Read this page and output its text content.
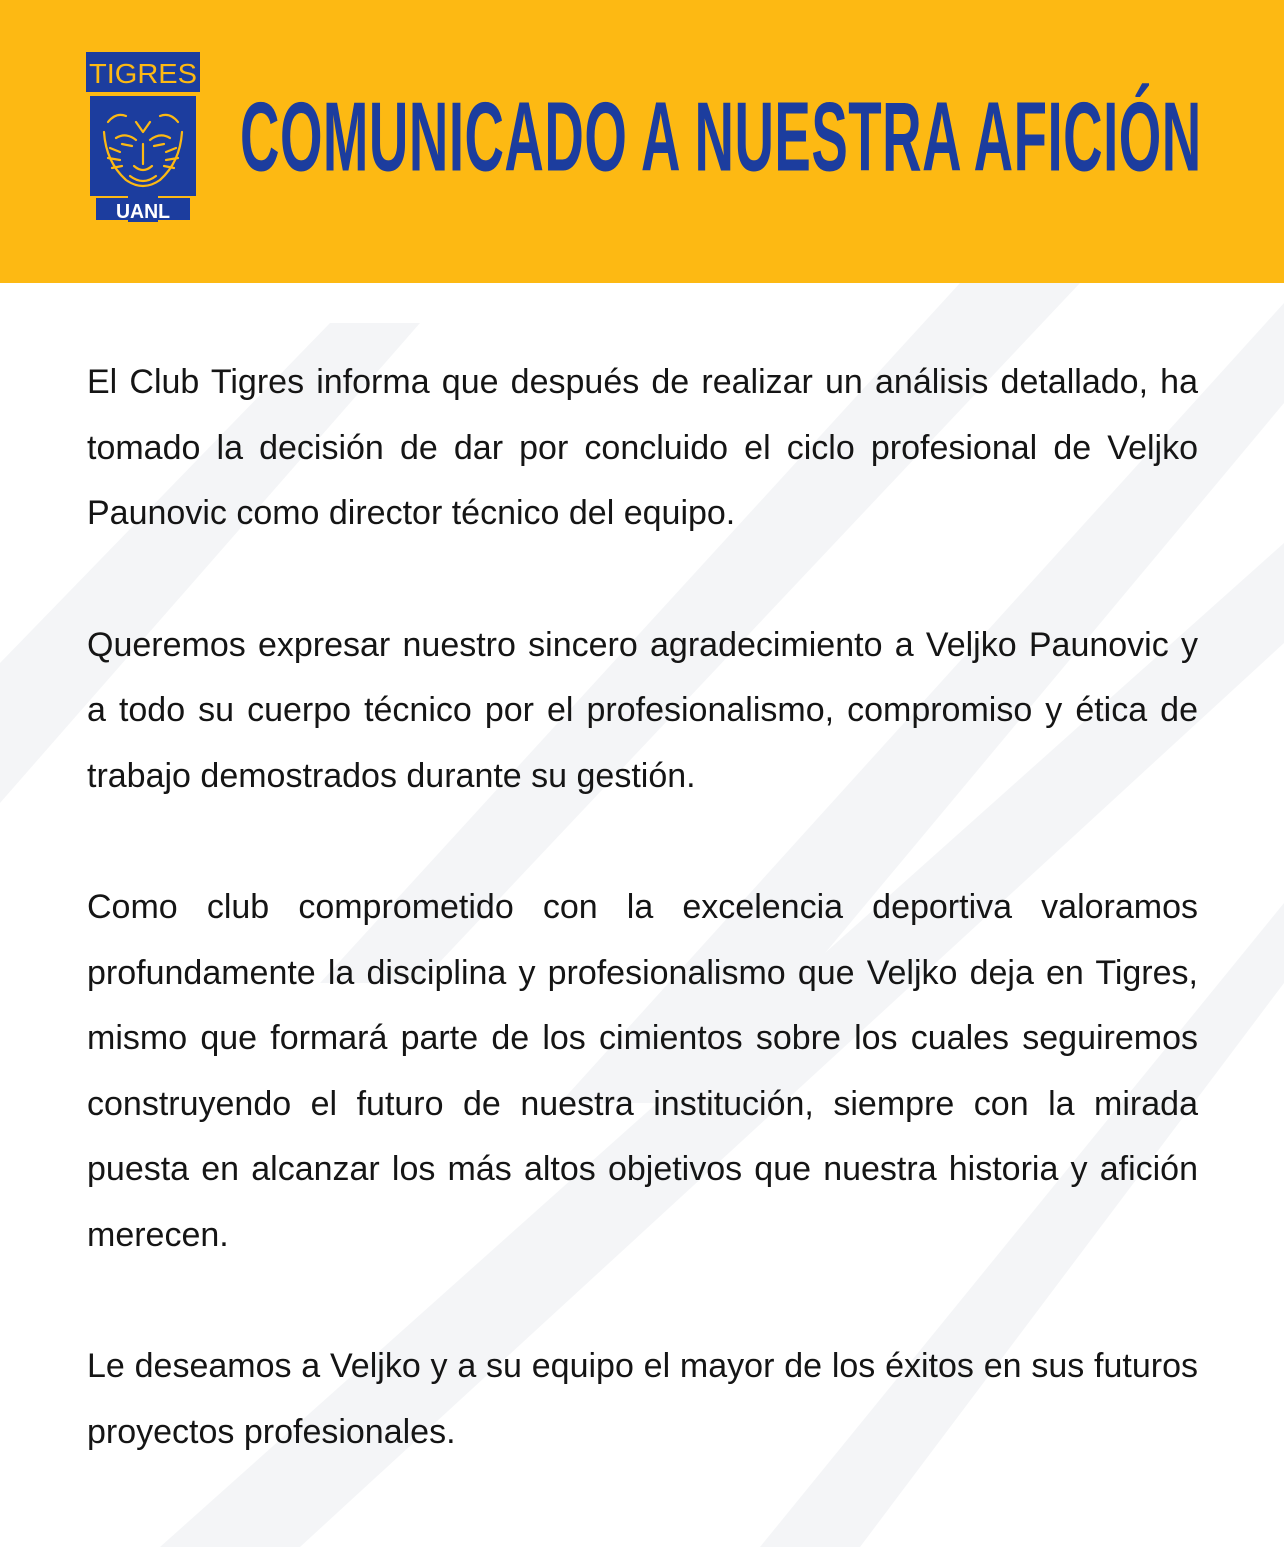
TIGRES
UANL
COMUNICADO A NUESTRA AFICIÓN

El Club Tigres informa que después de realizar un análisis detallado, ha tomado la decisión de dar por concluido el ciclo profesional de Veljko Paunovic como director técnico del equipo.

Queremos expresar nuestro sincero agradecimiento a Veljko Paunovic y a todo su cuerpo técnico por el profesionalismo, compromiso y ética de trabajo demostrados durante su gestión.

Como club comprometido con la excelencia deportiva valoramos profundamente la disciplina y profesionalismo que Veljko deja en Tigres, mismo que formará parte de los cimientos sobre los cuales seguiremos construyendo el futuro de nuestra institución, siempre con la mirada puesta en alcanzar los más altos objetivos que nuestra historia y afición merecen.

Le deseamos a Veljko y a su equipo el mayor de los éxitos en sus futuros proyectos profesionales.
